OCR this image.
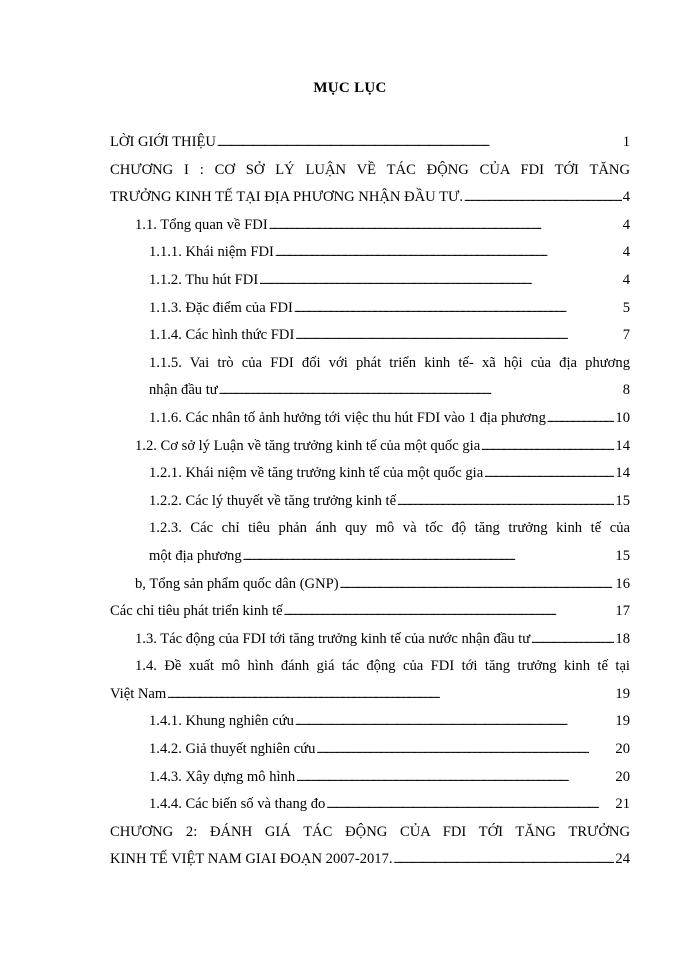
MỤC LỤC
LỜI GIỚI THIỆU . . .	1
CHƯƠNG I : CƠ SỞ LÝ LUẬN VỀ TÁC ĐỘNG CỦA FDI TỚI TĂNG
TRƯỞNG KINH TẾ TẠI ĐỊA PHƯƠNG NHẬN ĐẦU TƯ. . . .	4
1.1. Tổng quan về FDI . . .	4
1.1.1. Khái niệm FDI . . .	4
1.1.2. Thu hút FDI . . .	4
1.1.3. Đặc điểm của FDI . . .	5
1.1.4. Các hình thức FDI . . .	7
1.1.5. Vai trò của FDI đối với phát triển kinh tế- xã hội của địa phương
nhận đầu tư . . .	8
1.1.6. Các nhân tố ảnh hưởng tới việc thu hút FDI vào 1 địa phương . . .	10
1.2. Cơ sở lý Luận về tăng trưởng kinh tế của một quốc gia . . .	14
1.2.1. Khái niệm về tăng trưởng kinh tế của một quốc gia . . .	14
1.2.2. Các lý thuyết về tăng trưởng kinh tế . . .	15
1.2.3. Các chỉ tiêu phản ánh quy mô và tốc độ tăng trưởng kinh tế của
một địa phương . . .	15
b, Tổng sản phẩm quốc dân (GNP) . . .	16
Các chỉ tiêu phát triển kinh tế . . .	17
1.3. Tác động của FDI tới tăng trưởng kinh tế của nước nhận đầu tư . . .	18
1.4. Đề xuất mô hình đánh giá tác động của FDI tới tăng trưởng kinh tế tại
Việt Nam . . .	19
1.4.1. Khung nghiên cứu . . .	19
1.4.2. Giả thuyết nghiên cứu . . .	20
1.4.3. Xây dựng mô hình . . .	20
1.4.4. Các biến số và thang đo . . .	21
CHƯƠNG 2: ĐÁNH GIÁ TÁC ĐỘNG CỦA FDI TỚI TĂNG TRƯỞNG
KINH TẾ VIỆT NAM GIAI ĐOẠN 2007-2017. . . .	24
